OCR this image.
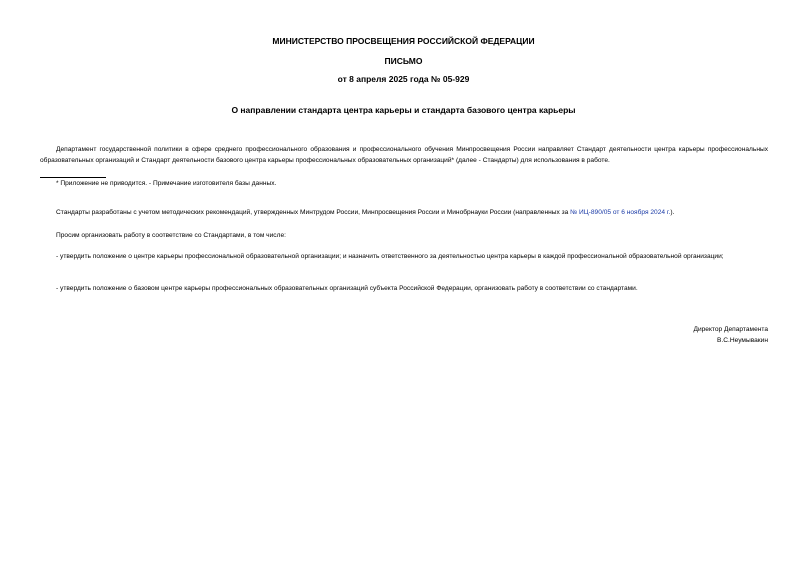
МИНИСТЕРСТВО ПРОСВЕЩЕНИЯ РОССИЙСКОЙ ФЕДЕРАЦИИ
ПИСЬМО
от 8 апреля 2025 года № 05-929
О направлении стандарта центра карьеры и стандарта базового центра карьеры

Департамент государственной политики в сфере среднего профессионального образования и профессионального обучения Минпросвещения России направляет Стандарт деятельности центра карьеры профессиональных образовательных организаций и Стандарт деятельности базового центра карьеры профессиональных образовательных организаций* (далее - Стандарты) для использования в работе.

* Приложение не приводится. - Примечание изготовителя базы данных.

Стандарты разработаны с учетом методических рекомендаций, утвержденных Минтрудом России, Минпросвещения России и Минобрнауки России (направленных за № ИЦ-890/05 от 6 ноября 2024 г.).

Просим организовать работу в соответствие со Стандартами, в том числе:

- утвердить положение о центре карьеры профессиональной образовательной организации; и назначить ответственного за деятельностью центра карьеры в каждой профессиональной образовательной организации;

- утвердить положение о базовом центре карьеры профессиональных образовательных организаций субъекта Российской Федерации, организовать работу в соответствии со стандартами.

Директор Департамента
В.С.Неумывакин
